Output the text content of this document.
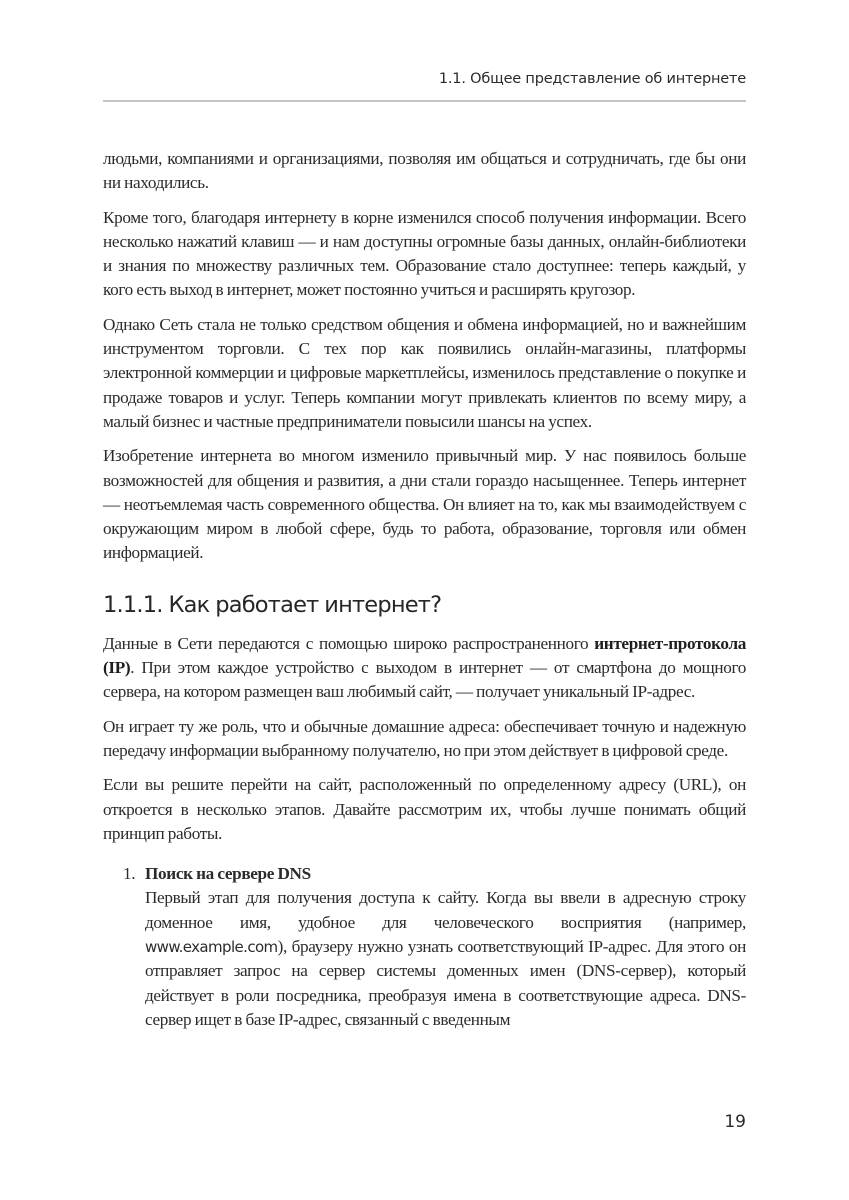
1.1. Общее представление об интернете

людьми, компаниями и организациями, позволяя им общаться и сотрудничать, где бы они ни находились.

Кроме того, благодаря интернету в корне изменился способ получения информации. Всего несколько нажатий клавиш — и нам доступны огромные базы данных, онлайн-библиотеки и знания по множеству различных тем. Образование стало доступнее: теперь каждый, у кого есть выход в интернет, может постоянно учиться и расширять кругозор.

Однако Сеть стала не только средством общения и обмена информацией, но и важнейшим инструментом торговли. С тех пор как появились онлайн-магазины, платформы электронной коммерции и цифровые маркетплейсы, изменилось представление о покупке и продаже товаров и услуг. Теперь компании могут привлекать клиентов по всему миру, а малый бизнес и частные предприниматели повысили шансы на успех.

Изобретение интернета во многом изменило привычный мир. У нас появилось больше возможностей для общения и развития, а дни стали гораздо насыщеннее. Теперь интернет — неотъемлемая часть современного общества. Он влияет на то, как мы взаимодействуем с окружающим миром в любой сфере, будь то работа, образование, торговля или обмен информацией.

1.1.1. Как работает интернет?

Данные в Сети передаются с помощью широко распространенного интернет-протокола (IP). При этом каждое устройство с выходом в интернет — от смартфона до мощного сервера, на котором размещен ваш любимый сайт, — получает уникальный IP-адрес.

Он играет ту же роль, что и обычные домашние адреса: обеспечивает точную и надежную передачу информации выбранному получателю, но при этом действует в цифровой среде.

Если вы решите перейти на сайт, расположенный по определенному адресу (URL), он откроется в несколько этапов. Давайте рассмотрим их, чтобы лучше понимать общий принцип работы.

1. Поиск на сервере DNS
Первый этап для получения доступа к сайту. Когда вы ввели в адресную строку доменное имя, удобное для человеческого восприятия (например, www.example.com), браузеру нужно узнать соответствующий IP-адрес. Для этого он отправляет запрос на сервер системы доменных имен (DNS-сервер), который действует в роли посредника, преобразуя имена в соответствующие адреса. DNS-сервер ищет в базе IP-адрес, связанный с введенным
19
